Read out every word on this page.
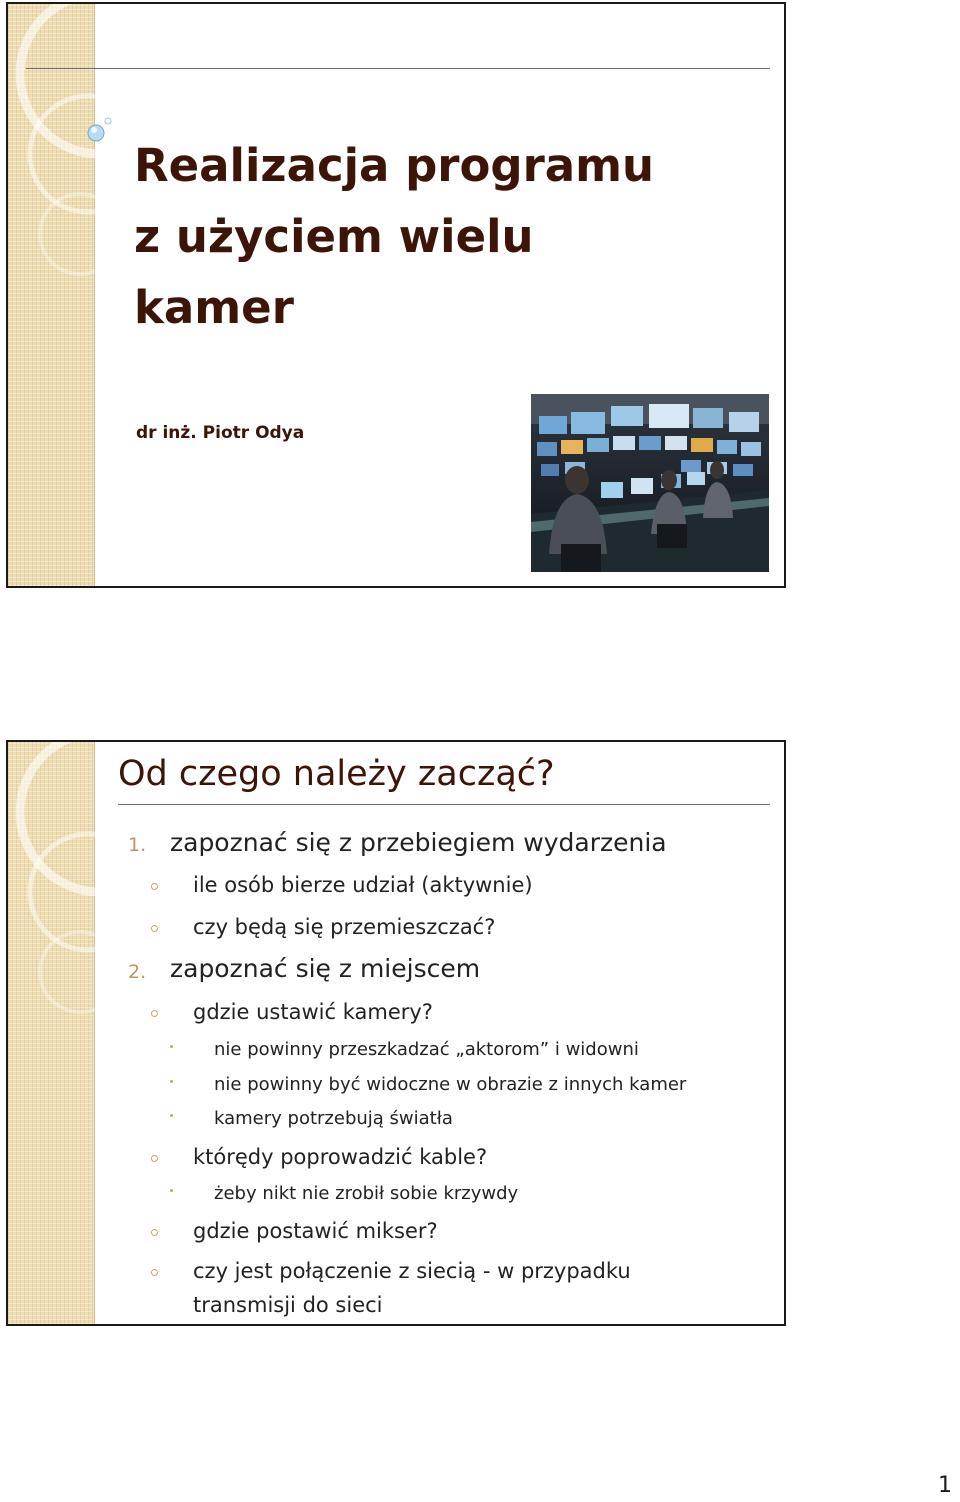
Realizacja programu
z użyciem wielu
kamer
dr inż. Piotr Odya
Od czego należy zacząć?
1. zapoznać się z przebiegiem wydarzenia
ile osób bierze udział (aktywnie)
czy będą się przemieszczać?
2. zapoznać się z miejscem
gdzie ustawić kamery?
nie powinny przeszkadzać „aktorom” i widowni
nie powinny być widoczne w obrazie z innych kamer
kamery potrzebują światła
którędy poprowadzić kable?
żeby nikt nie zrobił sobie krzywdy
gdzie postawić mikser?
czy jest połączenie z siecią - w przypadku
transmisji do sieci
1
